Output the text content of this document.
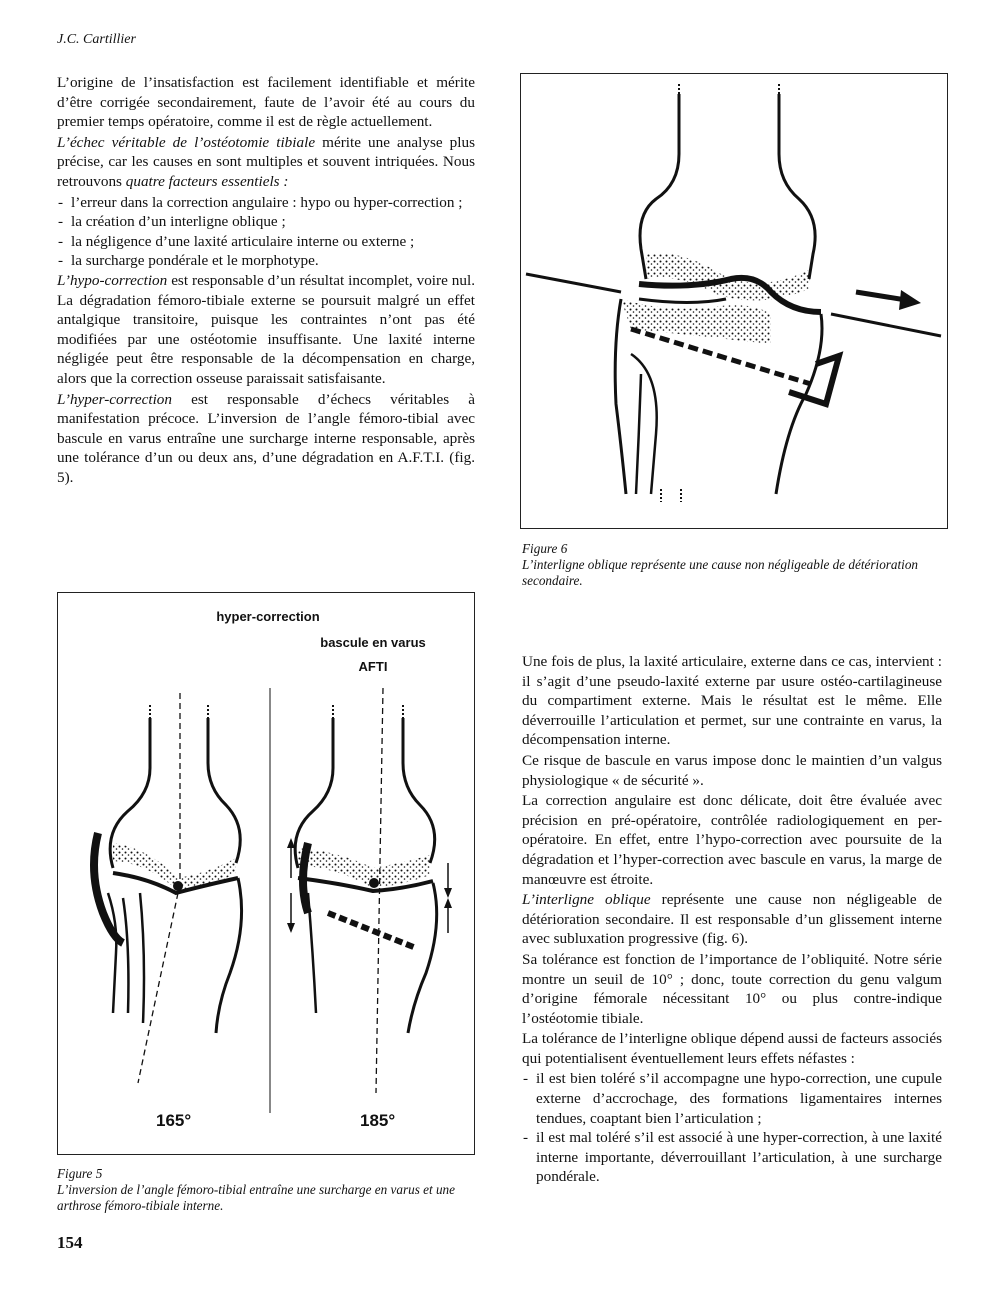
J.C. Cartillier

L’origine de l’insatisfaction est facilement identifiable et mérite d’être corrigée secondairement, faute de l’avoir été au cours du premier temps opératoire, comme il est de règle actuellement.

L’échec véritable de l’ostéotomie tibiale mérite une analyse plus précise, car les causes en sont multiples et souvent intriquées. Nous retrouvons quatre facteurs essentiels :

- l’erreur dans la correction angulaire : hypo ou hyper-correction ;
- la création d’un interligne oblique ;
- la négligence d’une laxité articulaire interne ou externe ;
- la surcharge pondérale et le morphotype.

L’hypo-correction est responsable d’un résultat incomplet, voire nul. La dégradation fémoro-tibiale externe se poursuit malgré un effet antalgique transitoire, puisque les contraintes n’ont pas été modifiées par une ostéotomie insuffisante. Une laxité interne négligée peut être responsable de la décompensation en charge, alors que la correction osseuse paraissait satisfaisante.

L’hyper-correction est responsable d’échecs véritables à manifestation précoce. L’inversion de l’angle fémoro-tibial avec bascule en varus entraîne une surcharge interne responsable, après une tolérance d’un ou deux ans, d’une dégradation en A.F.T.I. (fig. 5).

Figure 6
L’interligne oblique représente une cause non négligeable de détérioration secondaire.
hyper-correction
bascule en varus
AFTI
165°	185°
Figure 5
L’inversion de l’angle fémoro-tibial entraîne une surcharge en varus et une arthrose fémoro-tibiale interne.

Une fois de plus, la laxité articulaire, externe dans ce cas, intervient : il s’agit d’une pseudo-laxité externe par usure ostéo-cartilagineuse du compartiment externe. Mais le résultat est le même. Elle déverrouille l’articulation et permet, sur une contrainte en varus, la décompensation interne.

Ce risque de bascule en varus impose donc le maintien d’un valgus physiologique « de sécurité ».

La correction angulaire est donc délicate, doit être évaluée avec précision en pré-opératoire, contrôlée radiologiquement en per-opératoire. En effet, entre l’hypo-correction avec poursuite de la dégradation et l’hyper-correction avec bascule en varus, la marge de manœuvre est étroite.

L’interligne oblique représente une cause non négligeable de détérioration secondaire. Il est responsable d’un glissement interne avec subluxation progressive (fig. 6).

Sa tolérance est fonction de l’importance de l’obliquité. Notre série montre un seuil de 10° ; donc, toute correction du genu valgum d’origine fémorale nécessitant 10° ou plus contre-indique l’ostéotomie tibiale.

La tolérance de l’interligne oblique dépend aussi de facteurs associés qui potentialisent éventuellement leurs effets néfastes :

- il est bien toléré s’il accompagne une hypo-correction, une cupule externe d’accrochage, des formations ligamentaires internes tendues, coaptant bien l’articulation ;
- il est mal toléré s’il est associé à une hyper-correction, à une laxité interne importante, déverrouillant l’articulation, à une surcharge pondérale.
154
